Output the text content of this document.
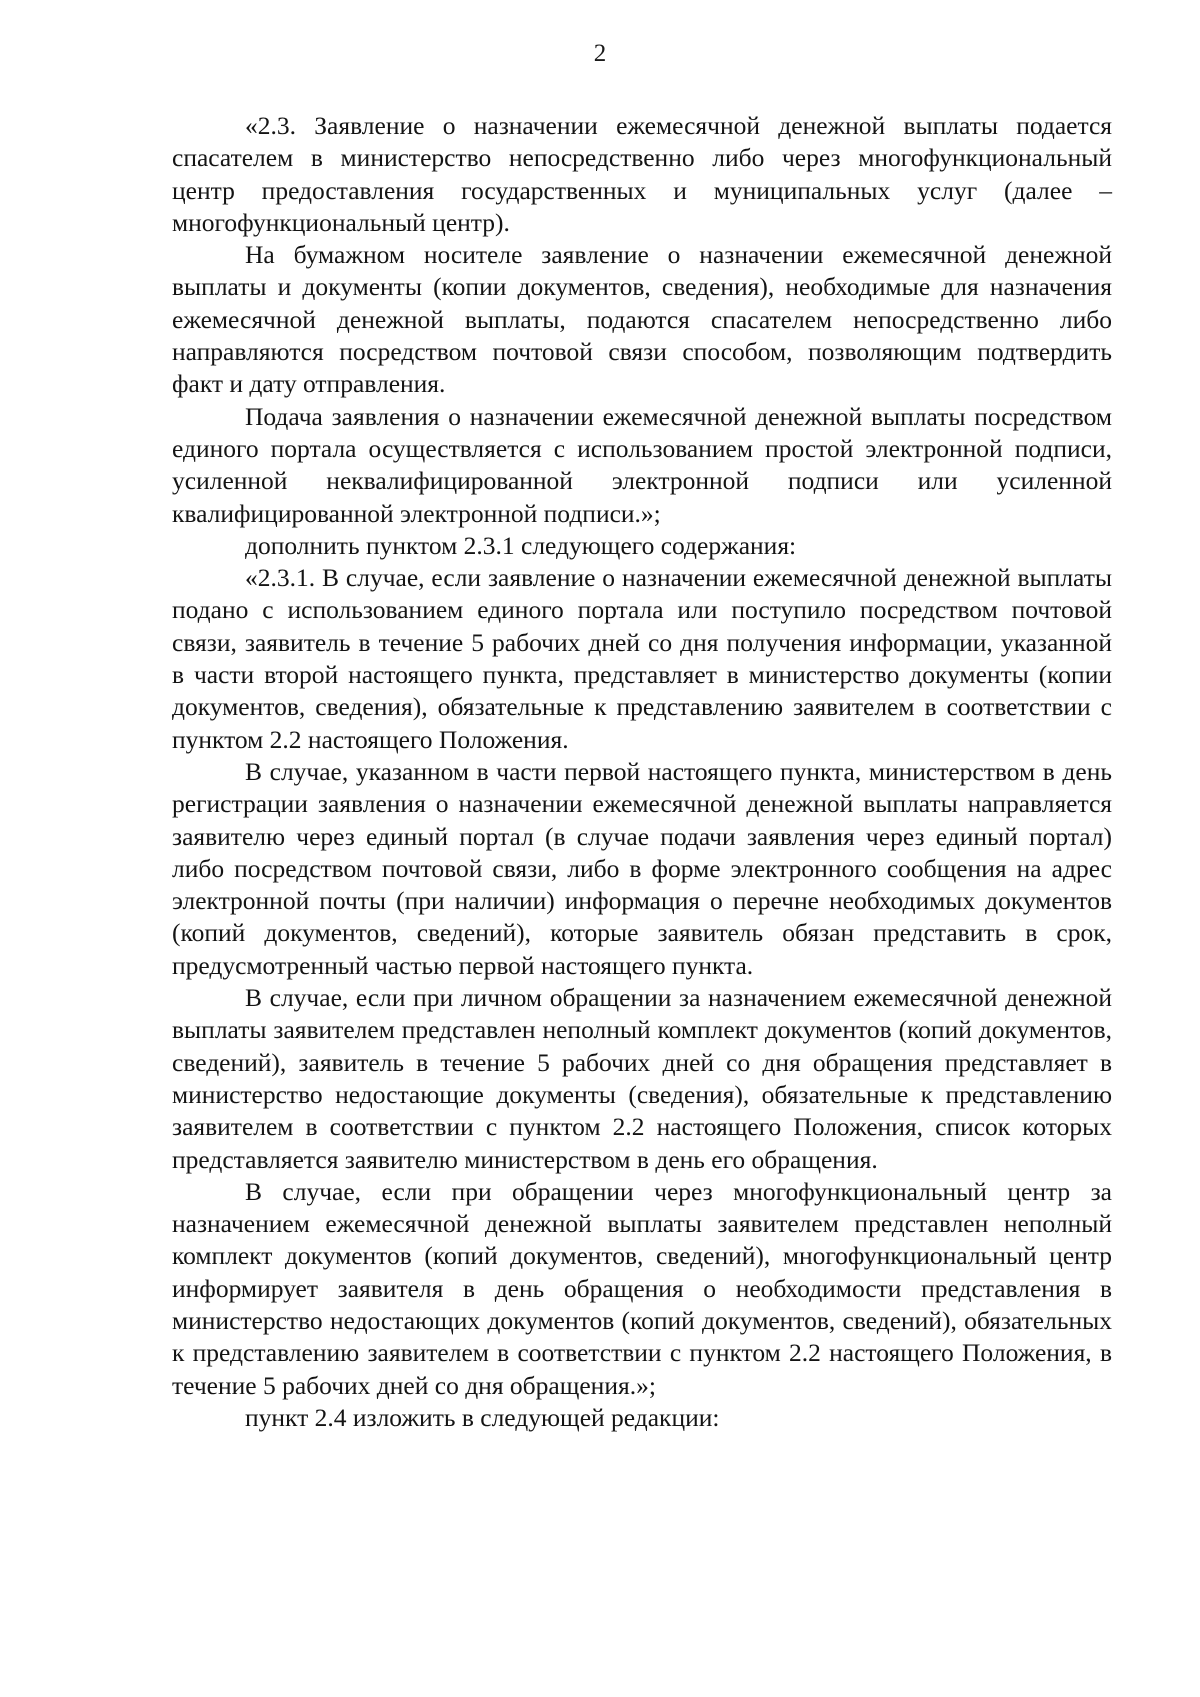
2

«2.3. Заявление о назначении ежемесячной денежной выплаты подается спасателем в министерство непосредственно либо через многофункциональный центр предоставления государственных и муниципальных услуг (далее – многофункциональный центр).

На бумажном носителе заявление о назначении ежемесячной денежной выплаты и документы (копии документов, сведения), необходимые для назначения ежемесячной денежной выплаты, подаются спасателем непосредственно либо направляются посредством почтовой связи способом, позволяющим подтвердить факт и дату отправления.

Подача заявления о назначении ежемесячной денежной выплаты посредством единого портала осуществляется с использованием простой электронной подписи, усиленной неквалифицированной электронной подписи или усиленной квалифицированной электронной подписи.»;

дополнить пунктом 2.3.1 следующего содержания:

«2.3.1. В случае, если заявление о назначении ежемесячной денежной выплаты подано с использованием единого портала или поступило посредством почтовой связи, заявитель в течение 5 рабочих дней со дня получения информации, указанной в части второй настоящего пункта, представляет в министерство документы (копии документов, сведения), обязательные к представлению заявителем в соответствии с пунктом 2.2 настоящего Положения.

В случае, указанном в части первой настоящего пункта, министерством в день регистрации заявления о назначении ежемесячной денежной выплаты направляется заявителю через единый портал (в случае подачи заявления через единый портал) либо посредством почтовой связи, либо в форме электронного сообщения на адрес электронной почты (при наличии) информация о перечне необходимых документов (копий документов, сведений), которые заявитель обязан представить в срок, предусмотренный частью первой настоящего пункта.

В случае, если при личном обращении за назначением ежемесячной денежной выплаты заявителем представлен неполный комплект документов (копий документов, сведений), заявитель в течение 5 рабочих дней со дня обращения представляет в министерство недостающие документы (сведения), обязательные к представлению заявителем в соответствии с пунктом 2.2 настоящего Положения, список которых представляется заявителю министерством в день его обращения.

В случае, если при обращении через многофункциональный центр за назначением ежемесячной денежной выплаты заявителем представлен неполный комплект документов (копий документов, сведений), многофункциональный центр информирует заявителя в день обращения о необходимости представления в министерство недостающих документов (копий документов, сведений), обязательных к представлению заявителем в соответствии с пунктом 2.2 настоящего Положения, в течение 5 рабочих дней со дня обращения.»;

пункт 2.4 изложить в следующей редакции:
